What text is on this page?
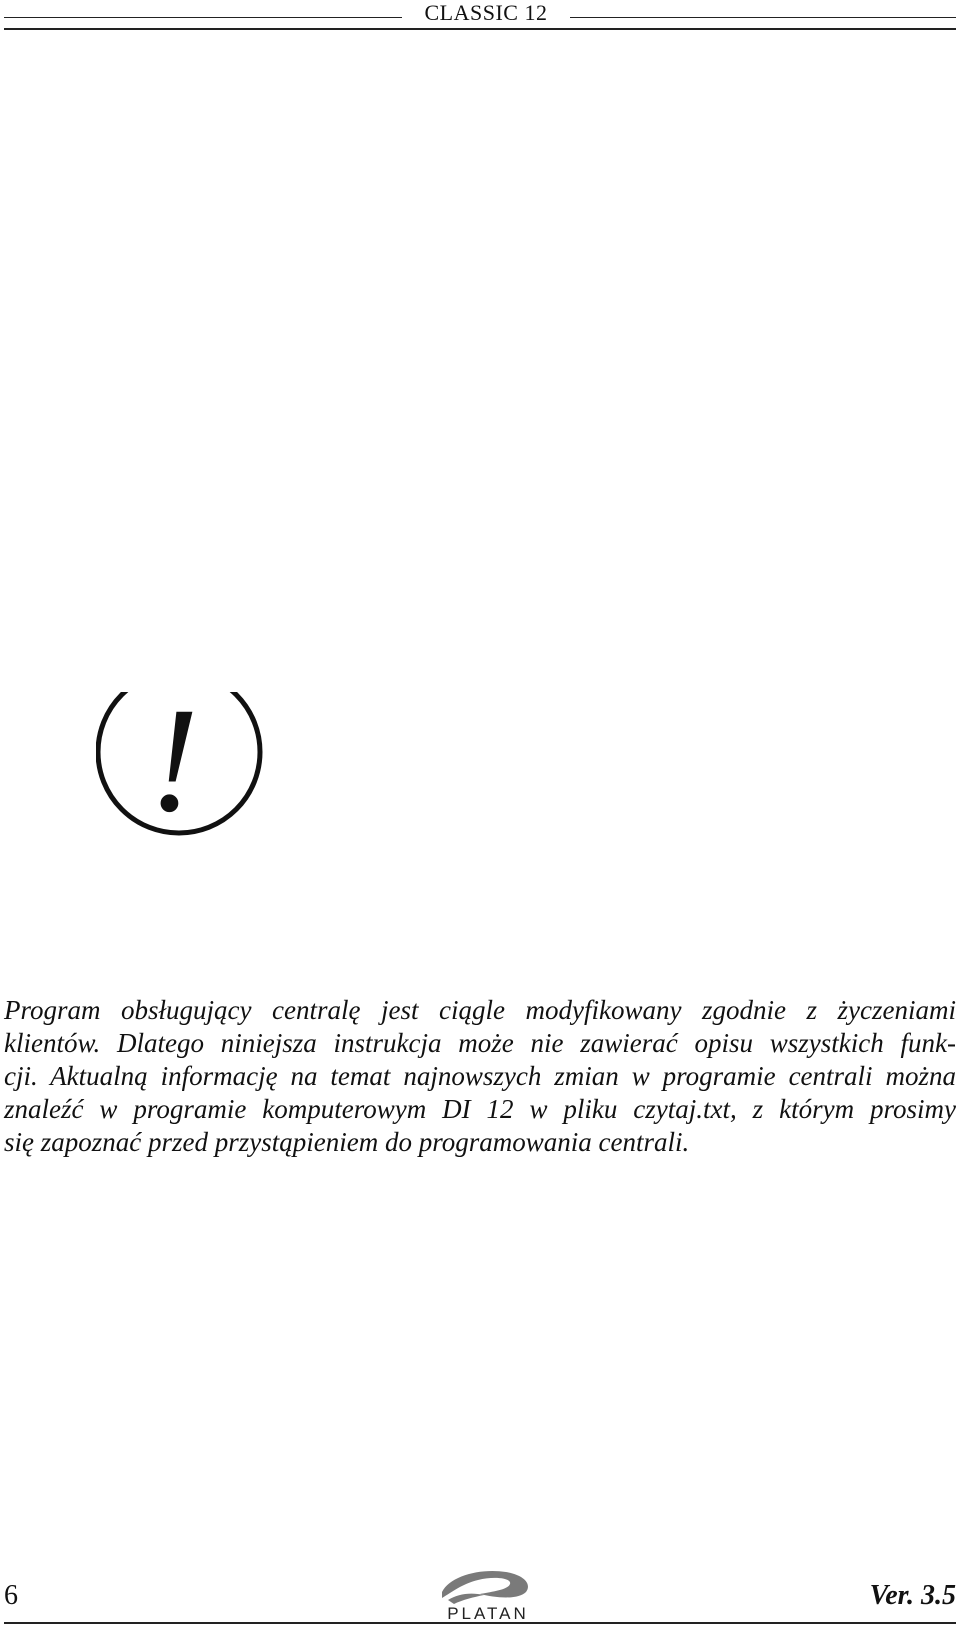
CLASSIC 12
!

Program obsługujący centralę jest ciągle modyfikowany zgodnie z życzeniami
klientów. Dlatego niniejsza instrukcja może nie zawierać opisu wszystkich funk-
cji. Aktualną informację na temat najnowszych zmian w programie centrali można
znaleźć w programie komputerowym DI 12 w pliku czytaj.txt, z którym prosimy
się zapoznać przed przystąpieniem do programowania centrali.

6
PLATAN
Ver. 3.5
